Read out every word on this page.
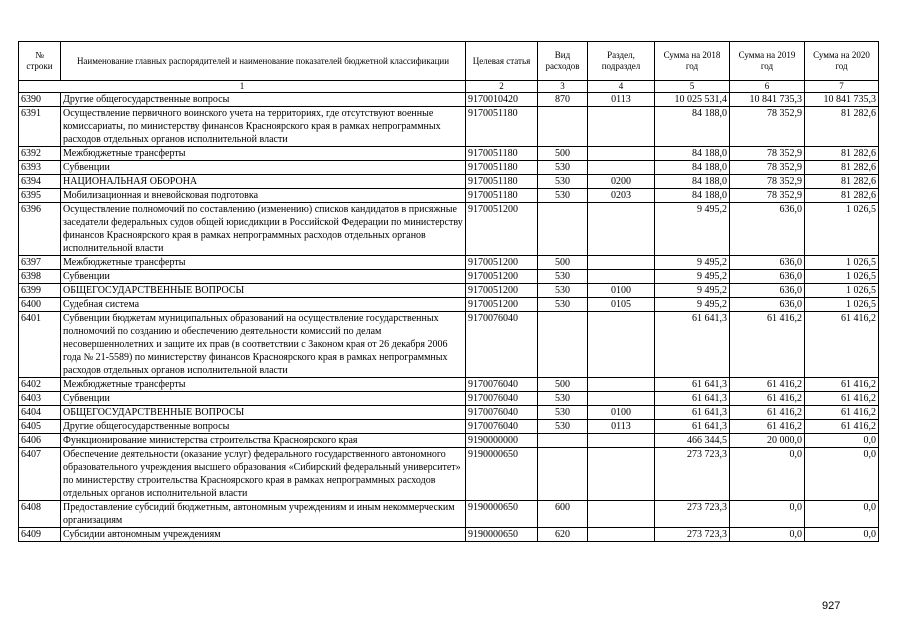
№ строки	Наименование главных распорядителей и наименование показателей бюджетной классификации	Целевая статья	Вид расходов	Раздел, подраздел	Сумма на 2018 год	Сумма на 2019 год	Сумма на 2020 год
1		2	3	4	5	6	7
6390	Другие общегосударственные вопросы	9170010420	870	0113	10 025 531,4	10 841 735,3	10 841 735,3
6391	Осуществление первичного воинского учета на территориях, где отсутствуют военные комиссариаты, по министерству финансов Красноярского края в рамках непрограммных расходов отдельных органов исполнительной власти	9170051180			84 188,0	78 352,9	81 282,6
6392	Межбюджетные трансферты	9170051180	500		84 188,0	78 352,9	81 282,6
6393	Субвенции	9170051180	530		84 188,0	78 352,9	81 282,6
6394	НАЦИОНАЛЬНАЯ ОБОРОНА	9170051180	530	0200	84 188,0	78 352,9	81 282,6
6395	Мобилизационная и вневойсковая подготовка	9170051180	530	0203	84 188,0	78 352,9	81 282,6
6396	Осуществление полномочий по составлению (изменению) списков кандидатов в присяжные заседатели федеральных судов общей юрисдикции в Российской Федерации по министерству финансов Красноярского края в рамках непрограммных расходов отдельных органов исполнительной власти	9170051200			9 495,2	636,0	1 026,5
6397	Межбюджетные трансферты	9170051200	500		9 495,2	636,0	1 026,5
6398	Субвенции	9170051200	530		9 495,2	636,0	1 026,5
6399	ОБЩЕГОСУДАРСТВЕННЫЕ ВОПРОСЫ	9170051200	530	0100	9 495,2	636,0	1 026,5
6400	Судебная система	9170051200	530	0105	9 495,2	636,0	1 026,5
6401	Субвенции бюджетам муниципальных образований на осуществление государственных полномочий по созданию и обеспечению деятельности комиссий по делам несовершеннолетних и защите их прав (в соответствии с Законом края от 26 декабря 2006 года № 21-5589) по министерству финансов Красноярского края в рамках непрограммных расходов отдельных органов исполнительной власти	9170076040			61 641,3	61 416,2	61 416,2
6402	Межбюджетные трансферты	9170076040	500		61 641,3	61 416,2	61 416,2
6403	Субвенции	9170076040	530		61 641,3	61 416,2	61 416,2
6404	ОБЩЕГОСУДАРСТВЕННЫЕ ВОПРОСЫ	9170076040	530	0100	61 641,3	61 416,2	61 416,2
6405	Другие общегосударственные вопросы	9170076040	530	0113	61 641,3	61 416,2	61 416,2
6406	Функционирование министерства строительства Красноярского края	9190000000			466 344,5	20 000,0	0,0
6407	Обеспечение деятельности (оказание услуг) федерального государственного автономного образовательного учреждения высшего образования «Сибирский федеральный университет» по министерству строительства Красноярского края в рамках непрограммных расходов отдельных органов исполнительной власти	9190000650			273 723,3	0,0	0,0
6408	Предоставление субсидий бюджетным, автономным учреждениям и иным некоммерческим организациям	9190000650	600		273 723,3	0,0	0,0
6409	Субсидии автономным учреждениям	9190000650	620		273 723,3	0,0	0,0
927
